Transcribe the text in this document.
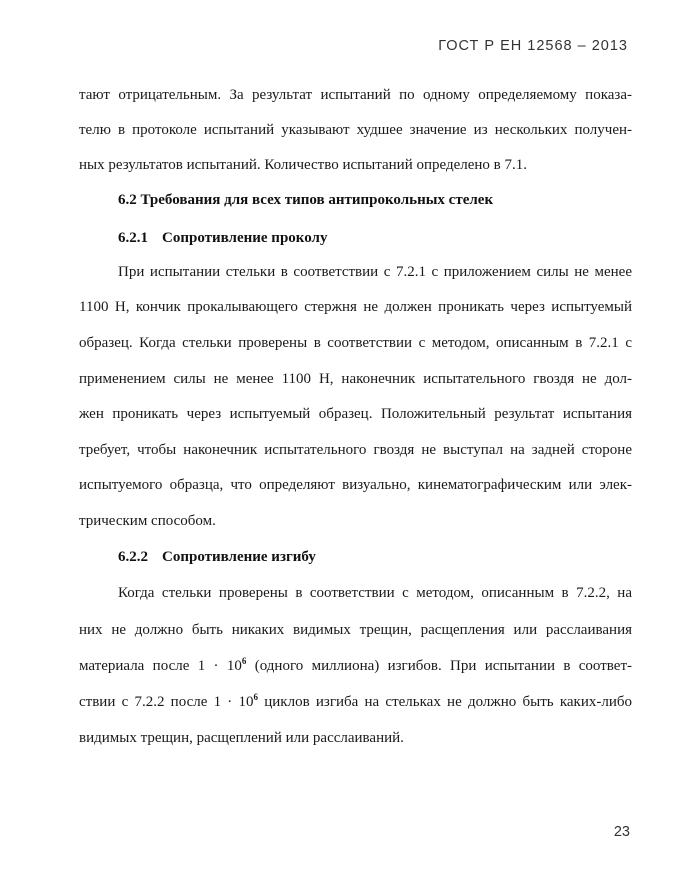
ГОСТ Р ЕН 12568 – 2013
тают отрицательным. За результат испытаний по одному определяемому показа-
телю в протоколе испытаний указывают худшее значение из нескольких получен-
ных результатов испытаний. Количество испытаний определено в 7.1.
6.2 Требования для всех типов антипрокольных стелек
6.2.1 Сопротивление проколу
При испытании стельки в соответствии с 7.2.1 с приложением силы не менее
1100 Н, кончик прокалывающего стержня не должен проникать через испытуемый
образец. Когда стельки проверены в соответствии с методом, описанным в 7.2.1 с
применением силы не менее 1100 Н, наконечник испытательного гвоздя не дол-
жен проникать через испытуемый образец. Положительный результат испытания
требует, чтобы наконечник испытательного гвоздя не выступал на задней стороне
испытуемого образца, что определяют визуально, кинематографическим или элек-
трическим способом.
6.2.2 Сопротивление изгибу
Когда стельки проверены в соответствии с методом, описанным в 7.2.2, на
них не должно быть никаких видимых трещин, расщепления или расслаивания
материала после $1 \cdot 10^6$ (одного миллиона) изгибов. При испытании в соответ-
ствии с 7.2.2 после $1 \cdot 10^6$ циклов изгиба на стельках не должно быть каких-либо
видимых трещин, расщеплений или расслаиваний.
23
